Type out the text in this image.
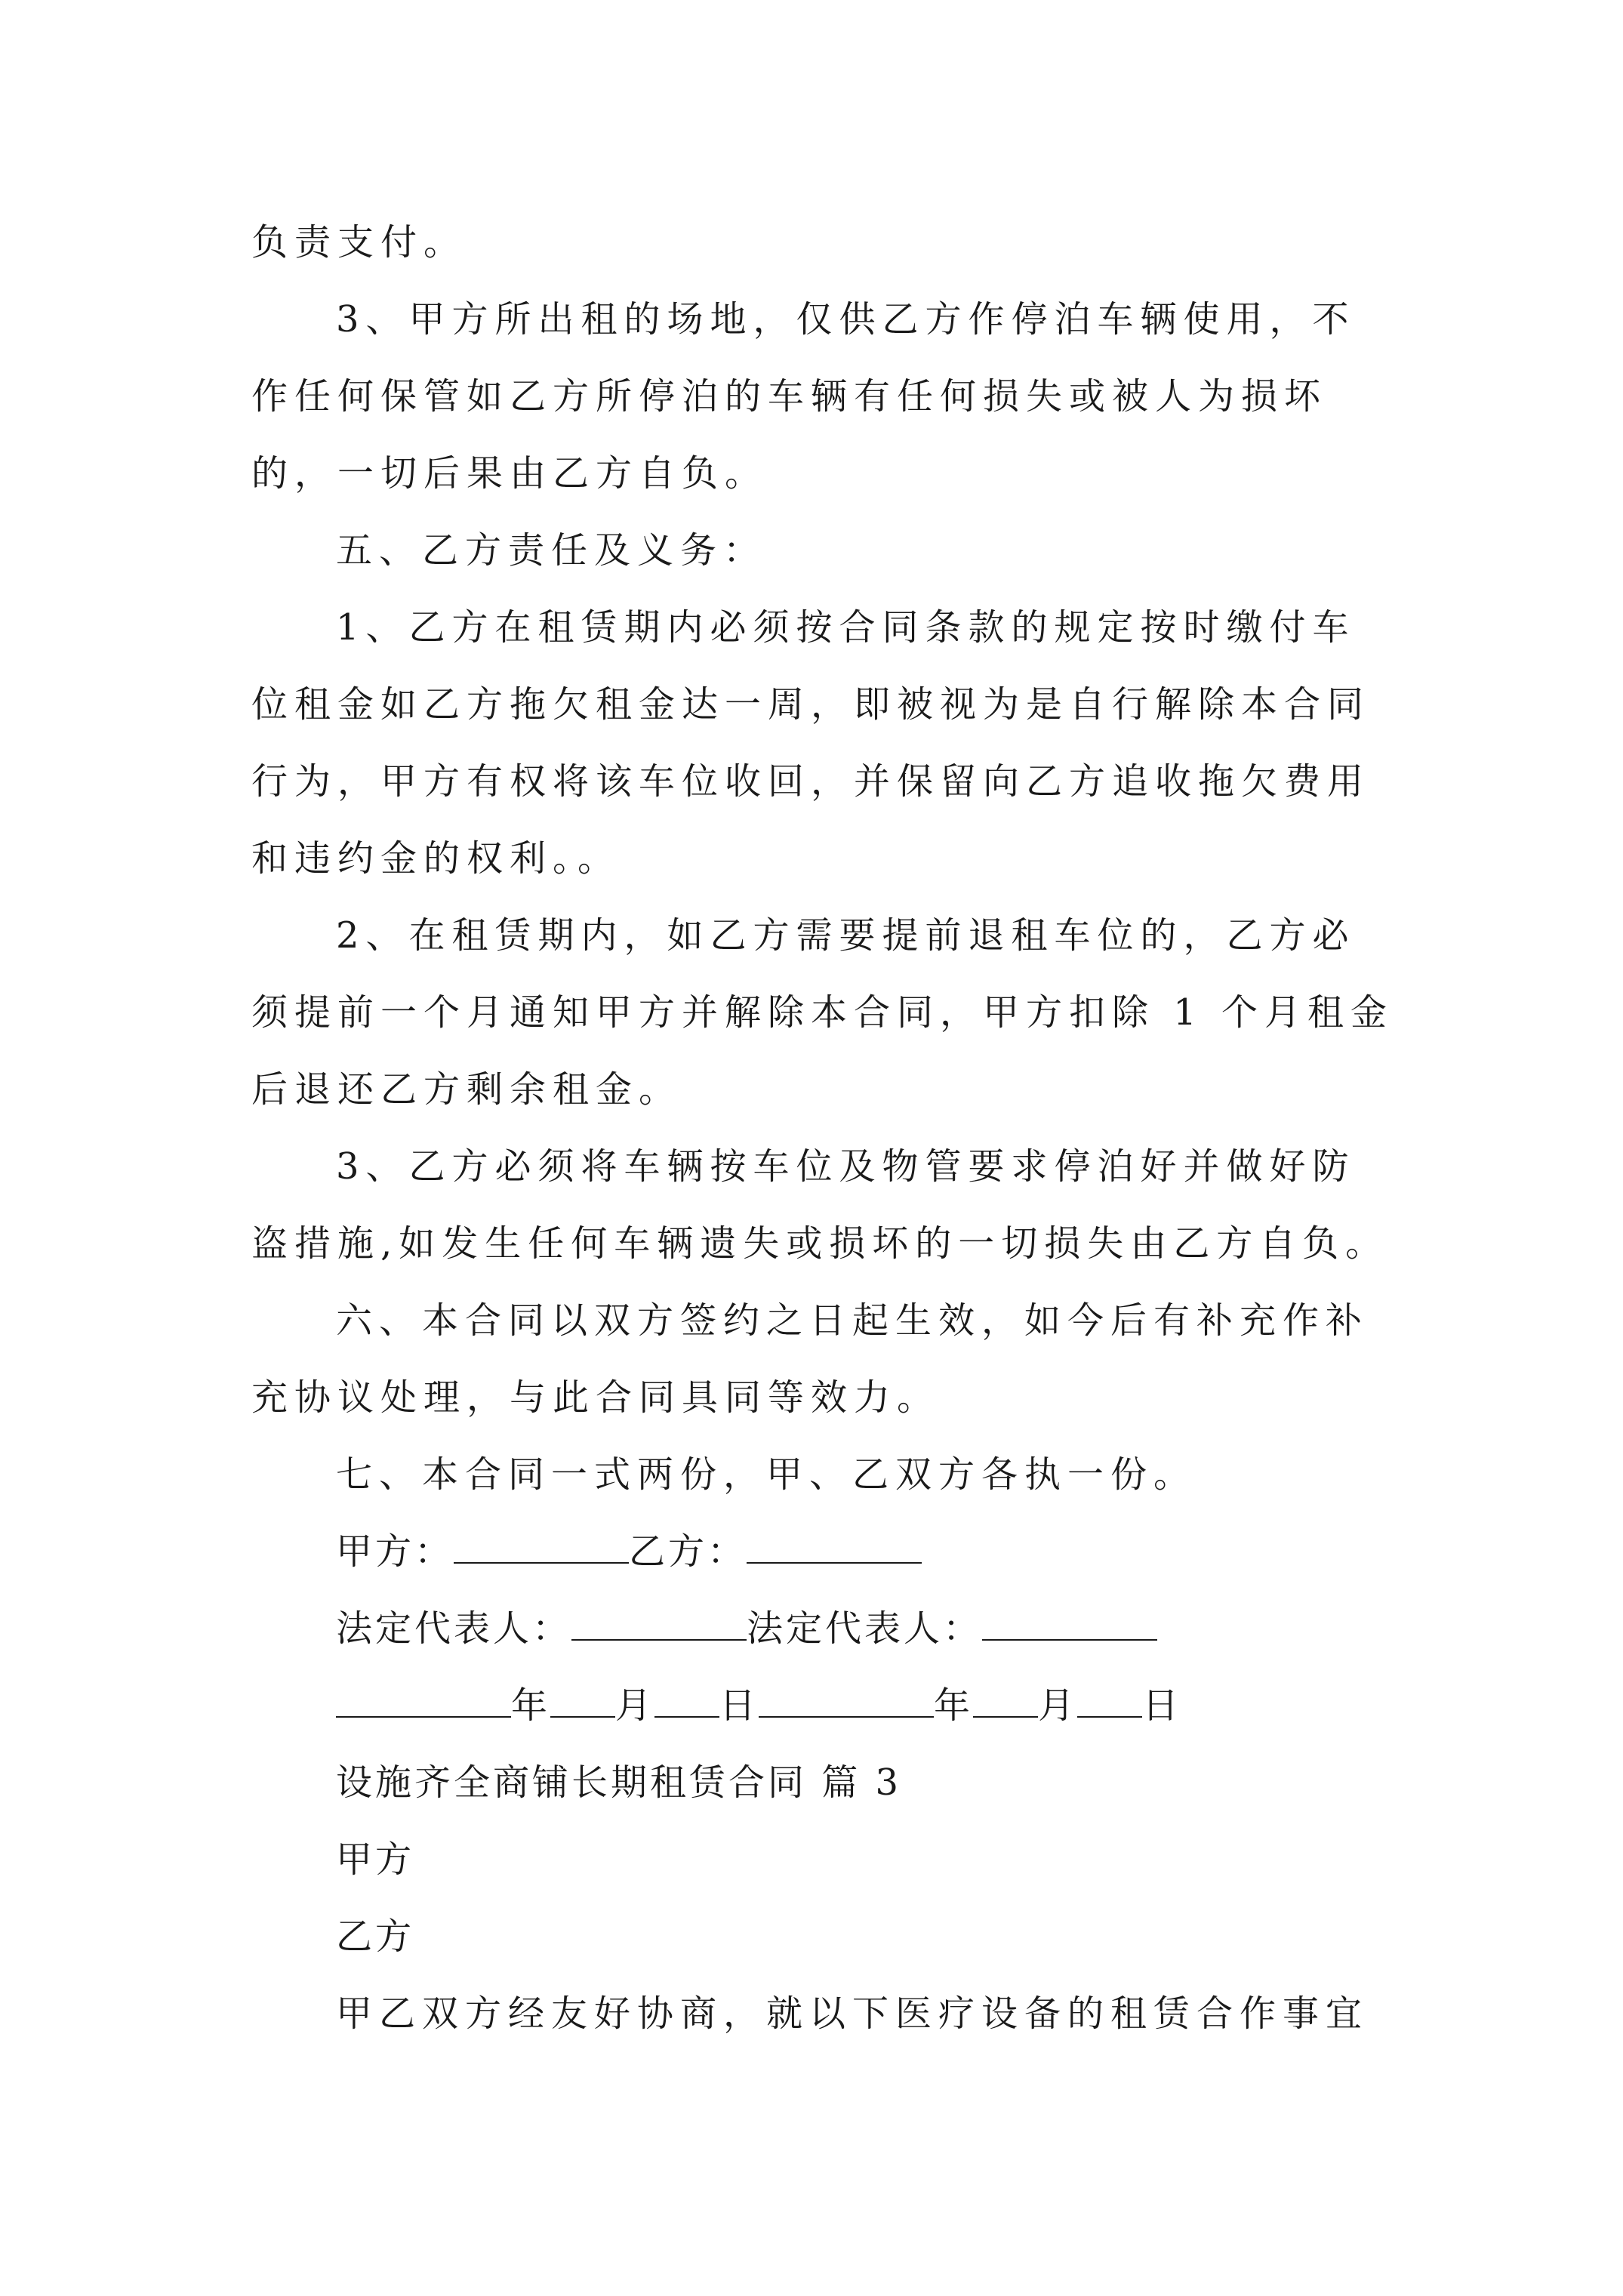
负责支付。
3、甲方所出租的场地，仅供乙方作停泊车辆使用，不
作任何保管如乙方所停泊的车辆有任何损失或被人为损坏
的，一切后果由乙方自负。
五、乙方责任及义务：
1、乙方在租赁期内必须按合同条款的规定按时缴付车
位租金如乙方拖欠租金达一周，即被视为是自行解除本合同
行为，甲方有权将该车位收回，并保留向乙方追收拖欠费用
和违约金的权利。。
2、在租赁期内，如乙方需要提前退租车位的，乙方必
须提前一个月通知甲方并解除本合同，甲方扣除 1 个月租金
后退还乙方剩余租金。
3、乙方必须将车辆按车位及物管要求停泊好并做好防
盗措施,如发生任何车辆遗失或损坏的一切损失由乙方自负。
六、本合同以双方签约之日起生效，如今后有补充作补
充协议处理，与此合同具同等效力。
七、本合同一式两份，甲、乙双方各执一份。
甲方：	乙方：
法定代表人：	法定代表人：
年 月 日	年 月 日
设施齐全商铺长期租赁合同 篇 3
甲方
乙方
甲乙双方经友好协商，就以下医疗设备的租赁合作事宜
